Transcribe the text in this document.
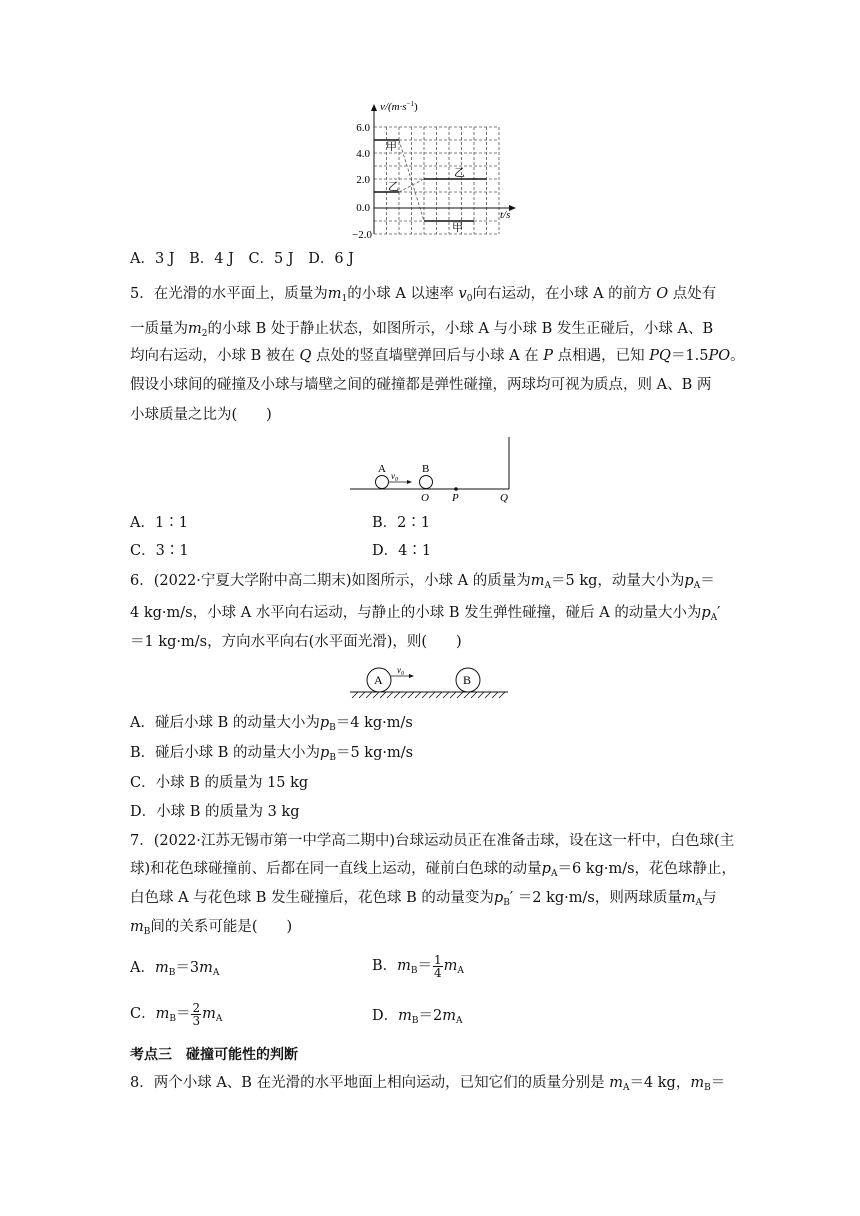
$v/(m\cdot s^{-1})$
6.0
4.0
2.0
0.0
−2.0
t/s
甲
甲
乙
乙
A．3 J　 B．4 J　 C．5 J　 D．6 J
5．在光滑的水平面上，质量为$m_1$的小球 A 以速率 $v_0$向右运动，在小球 A 的前方 O 点处有
一质量为$m_2$的小球 B 处于静止状态，如图所示，小球 A 与小球 B 发生正碰后，小球 A、B
均向右运动，小球 B 被在 Q 点处的竖直墙壁弹回后与小球 A 在 P 点相遇，已知 PQ＝1.5PO。
假设小球间的碰撞及小球与墙壁之间的碰撞都是弹性碰撞，两球均可视为质点，则 A、B 两
小球质量之比为(　　)
A	B
$v_0$
O P	Q
A．1∶1	B．2∶1
C．3∶1	D．4∶1
6．(2022·宁夏大学附中高二期末)如图所示，小球 A 的质量为$m_A=5$ kg，动量大小为$p_A=$
4 kg·m/s，小球 A 水平向右运动，与静止的小球 B 发生弹性碰撞，碰后 A 的动量大小为$p_A'$
＝1 kg·m/s，方向水平向右(水平面光滑)，则(　　)
A	B
$v_0$
A．碰后小球 B 的动量大小为$p_B=4$ kg·m/s
B．碰后小球 B 的动量大小为$p_B=5$ kg·m/s
C．小球 B 的质量为 15 kg
D．小球 B 的质量为 3 kg
7．(2022·江苏无锡市第一中学高二期中)台球运动员正在准备击球，设在这一杆中，白色球(主
球)和花色球碰撞前、后都在同一直线上运动，碰前白色球的动量$p_A=6$ kg·m/s，花色球静止，
白色球 A 与花色球 B 发生碰撞后，花色球 B 的动量变为$p_B' =2$ kg·m/s，则两球质量$m_A$与
$m_B$间的关系可能是(　　)
A．$m_B=3m_A$	B．$m_B= \frac{1}{4} m_A$
C．$m_B= \frac{2}{3} m_A$	D．$m_B=2m_A$
考点三　碰撞可能性的判断
8．两个小球 A、B 在光滑的水平地面上相向运动，已知它们的质量分别是 $m_A=4$ kg，$m_B=$
